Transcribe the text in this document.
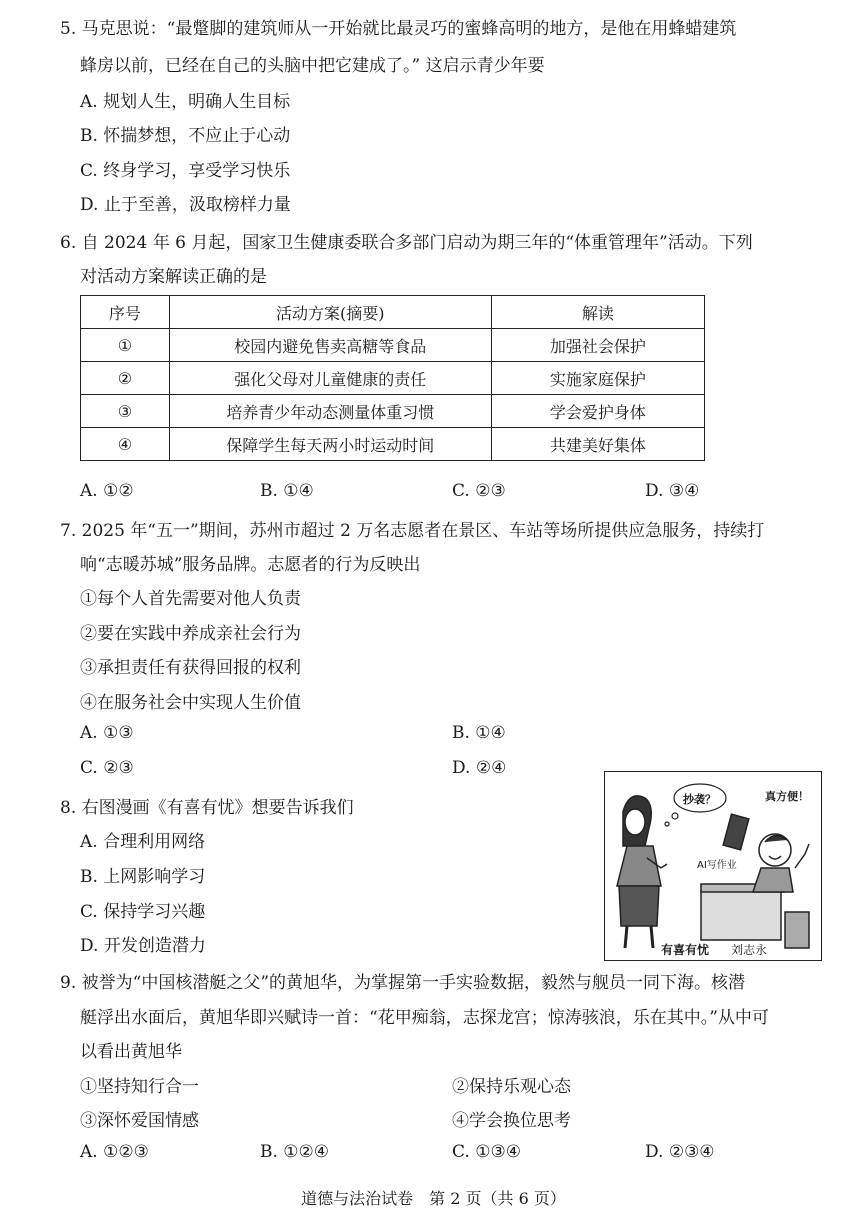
5. 马克思说：“最蹩脚的建筑师从一开始就比最灵巧的蜜蜂高明的地方，是他在用蜂蜡建筑
蜂房以前，已经在自己的头脑中把它建成了。” 这启示青少年要
A. 规划人生，明确人生目标
B. 怀揣梦想，不应止于心动
C. 终身学习，享受学习快乐
D. 止于至善，汲取榜样力量
6. 自 2024 年 6 月起，国家卫生健康委联合多部门启动为期三年的“体重管理年”活动。下列
对活动方案解读正确的是
序号	活动方案(摘要)	解读
①	校园内避免售卖高糖等食品	加强社会保护
②	强化父母对儿童健康的责任	实施家庭保护
③	培养青少年动态测量体重习惯	学会爱护身体
④	保障学生每天两小时运动时间	共建美好集体
A. ①②	B. ①④	C. ②③	D. ③④
7. 2025 年“五一”期间，苏州市超过 2 万名志愿者在景区、车站等场所提供应急服务，持续打
响“志暖苏城”服务品牌。志愿者的行为反映出
①每个人首先需要对他人负责
②要在实践中养成亲社会行为
③承担责任有获得回报的权利
④在服务社会中实现人生价值
A. ①③	B. ①④
C. ②③	D. ②④
8. 右图漫画《有喜有忧》想要告诉我们
A. 合理利用网络
B. 上网影响学习
C. 保持学习兴趣
D. 开发创造潜力
抄袭？	真方便！
AI写作业
有喜有忧 刘志永
9. 被誉为“中国核潜艇之父”的黄旭华，为掌握第一手实验数据，毅然与舰员一同下海。核潜
艇浮出水面后，黄旭华即兴赋诗一首：“花甲痴翁，志探龙宫；惊涛骇浪，乐在其中。”从中可
以看出黄旭华
①坚持知行合一	②保持乐观心态
③深怀爱国情感	④学会换位思考
A. ①②③	B. ①②④	C. ①③④	D. ②③④
道德与法治试卷　第 2 页（共 6 页）
